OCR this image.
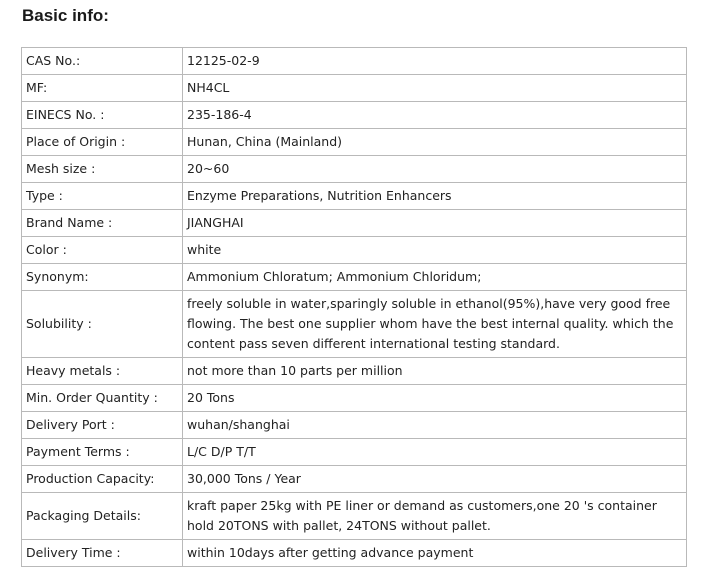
Basic info:
CAS No.:	12125-02-9
MF:	NH4CL
EINECS No. :	235-186-4
Place of Origin :	Hunan, China (Mainland)
Mesh size :	20~60
Type :	Enzyme Preparations, Nutrition Enhancers
Brand Name :	JIANGHAI
Color :	white
Synonym:	Ammonium Chloratum; Ammonium Chloridum;
Solubility :	freely soluble in water,sparingly soluble in ethanol(95%),have very good free flowing. The best one supplier whom have the best internal quality. which the content pass seven different international testing standard.
Heavy metals :	not more than 10 parts per million
Min. Order Quantity :	20 Tons
Delivery Port :	wuhan/shanghai
Payment Terms :	L/C D/P T/T
Production Capacity:	30,000 Tons / Year
Packaging Details:	kraft paper 25kg with PE liner or demand as customers,one 20 's container hold 20TONS with pallet, 24TONS without pallet.
Delivery Time :	within 10days after getting advance payment
